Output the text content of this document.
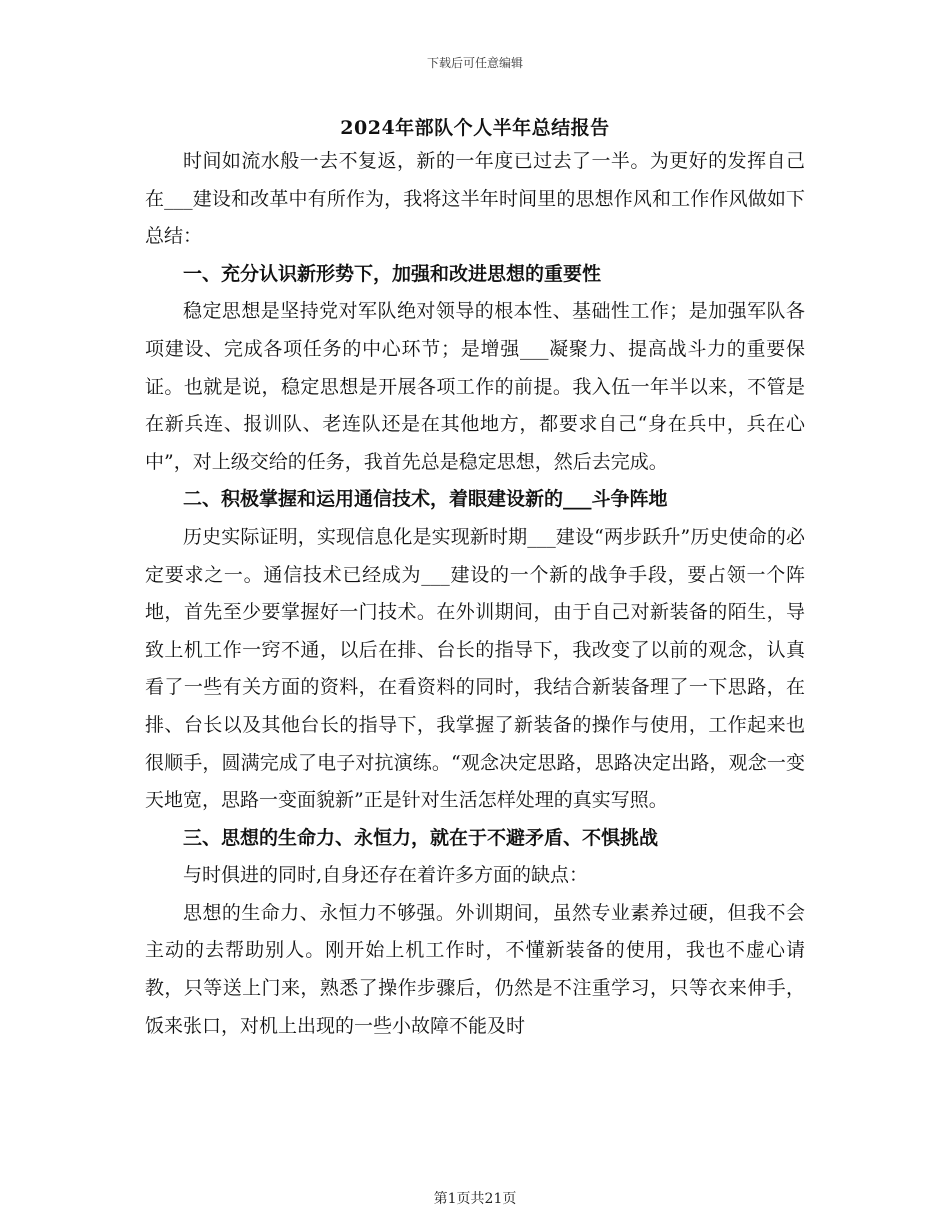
下载后可任意编辑
2024年部队个人半年总结报告

时间如流水般一去不复返，新的一年度已过去了一半。为更好的发挥自己在___建设和改革中有所作为，我将这半年时间里的思想作风和工作作风做如下总结：

一、充分认识新形势下，加强和改进思想的重要性

稳定思想是坚持党对军队绝对领导的根本性、基础性工作；是加强军队各项建设、完成各项任务的中心环节；是增强___凝聚力、提高战斗力的重要保证。也就是说，稳定思想是开展各项工作的前提。我入伍一年半以来，不管是在新兵连、报训队、老连队还是在其他地方，都要求自己“身在兵中，兵在心中”，对上级交给的任务，我首先总是稳定思想，然后去完成。

二、积极掌握和运用通信技术，着眼建设新的___斗争阵地

历史实际证明，实现信息化是实现新时期___建设“两步跃升”历史使命的必定要求之一。通信技术已经成为___建设的一个新的战争手段，要占领一个阵地，首先至少要掌握好一门技术。在外训期间，由于自己对新装备的陌生，导致上机工作一窍不通，以后在排、台长的指导下，我改变了以前的观念，认真看了一些有关方面的资料，在看资料的同时，我结合新装备理了一下思路，在排、台长以及其他台长的指导下，我掌握了新装备的操作与使用，工作起来也很顺手，圆满完成了电子对抗演练。“观念决定思路，思路决定出路，观念一变天地宽，思路一变面貌新”正是针对生活怎样处理的真实写照。

三、思想的生命力、永恒力，就在于不避矛盾、不惧挑战

与时俱进的同时,自身还存在着许多方面的缺点：

思想的生命力、永恒力不够强。外训期间，虽然专业素养过硬，但我不会主动的去帮助别人。刚开始上机工作时，不懂新装备的使用，我也不虚心请教，只等送上门来，熟悉了操作步骤后，仍然是不注重学习，只等衣来伸手，饭来张口，对机上出现的一些小故障不能及时

第1页共21页
